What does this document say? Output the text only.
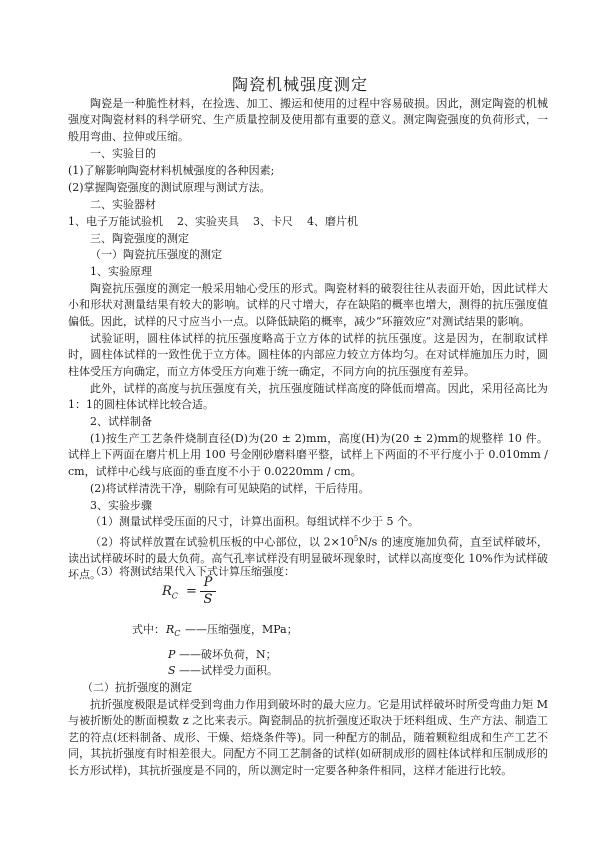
陶瓷机械强度测定

陶瓷是一种脆性材料，在捡选、加工、搬运和使用的过程中容易破损。因此，测定陶瓷的机械强度对陶瓷材料的科学研究、生产质量控制及使用都有重要的意义。测定陶瓷强度的负荷形式，一般用弯曲、拉伸或压缩。

一、实验目的
(1)了解影响陶瓷材料机械强度的各种因素;
(2)掌握陶瓷强度的测试原理与测试方法。
二、实验器材
1、电子万能试验机    2、实验夹具    3、卡尺    4、磨片机
三、陶瓷强度的测定
（一）陶瓷抗压强度的测定
1、实验原理

陶瓷抗压强度的测定一般采用轴心受压的形式。陶瓷材料的破裂往往从表面开始，因此试样大小和形状对测量结果有较大的影响。试样的尺寸增大，存在缺陷的概率也增大，测得的抗压强度值偏低。因此，试样的尺寸应当小一点。以降低缺陷的概率，减少“环箍效应”对测试结果的影响。

试验证明，圆柱体试样的抗压强度略高于立方体的试样的抗压强度。这是因为，在制取试样时，圆柱体试样的一致性优于立方体。圆柱体的内部应力较立方体均匀。在对试样施加压力时，圆柱体受压方向确定，而立方体受压方向难于统一确定，不同方向的抗压强度有差异。

此外，试样的高度与抗压强度有关，抗压强度随试样高度的降低而增高。因此，采用径高比为1：1的圆柱体试样比较合适。

2、试样制备

(1)按生产工艺条件烧制直径(D)为(20 ± 2)mm，高度(H)为(20 ± 2)mm的规整样 10 件。试样上下两面在磨片机上用 100 号金刚砂磨料磨平整，试样上下两面的不平行度小于 0.010mm / cm，试样中心线与底面的垂直度不小于 0.0220mm / cm。

(2)将试样清洗干净，剔除有可见缺陷的试样，干后待用。

3、实验步骤

（1）测量试样受压面的尺寸，计算出面积。每组试样不少于 5 个。

（2）将试样放置在试验机压板的中心部位，以 $2\times 10^5N/s$ 的速度施加负荷，直至试样破坏，读出试样破坏时的最大负荷。高气孔率试样没有明显破坏现象时，试样以高度变化 10%作为试样破坏点。

（3）将测试结果代入下式计算压缩强度：

$R_C$ =
P
S
式中： $R_C$ ——压缩强度，MPa；
P ——破坏负荷，N；
S ——试样受力面积。
（二）抗折强度的测定

抗折强度极限是试样受到弯曲力作用到破坏时的最大应力。它是用试样破坏时所受弯曲力矩 M 与被折断处的断面模数 z 之比来表示。陶瓷制品的抗折强度还取决于坯料组成、生产方法、制造工艺的符点(坯料制备、成形、干燥、焙烧条件等)。同一种配方的制品，随着颗粒组成和生产工艺不同，其抗折强度有时相差很大。同配方不同工艺制备的试样(如研制成形的圆柱体试样和压制成形的长方形试样)，其抗折强度是不同的，所以测定时一定要各种条件相同，这样才能进行比较。
